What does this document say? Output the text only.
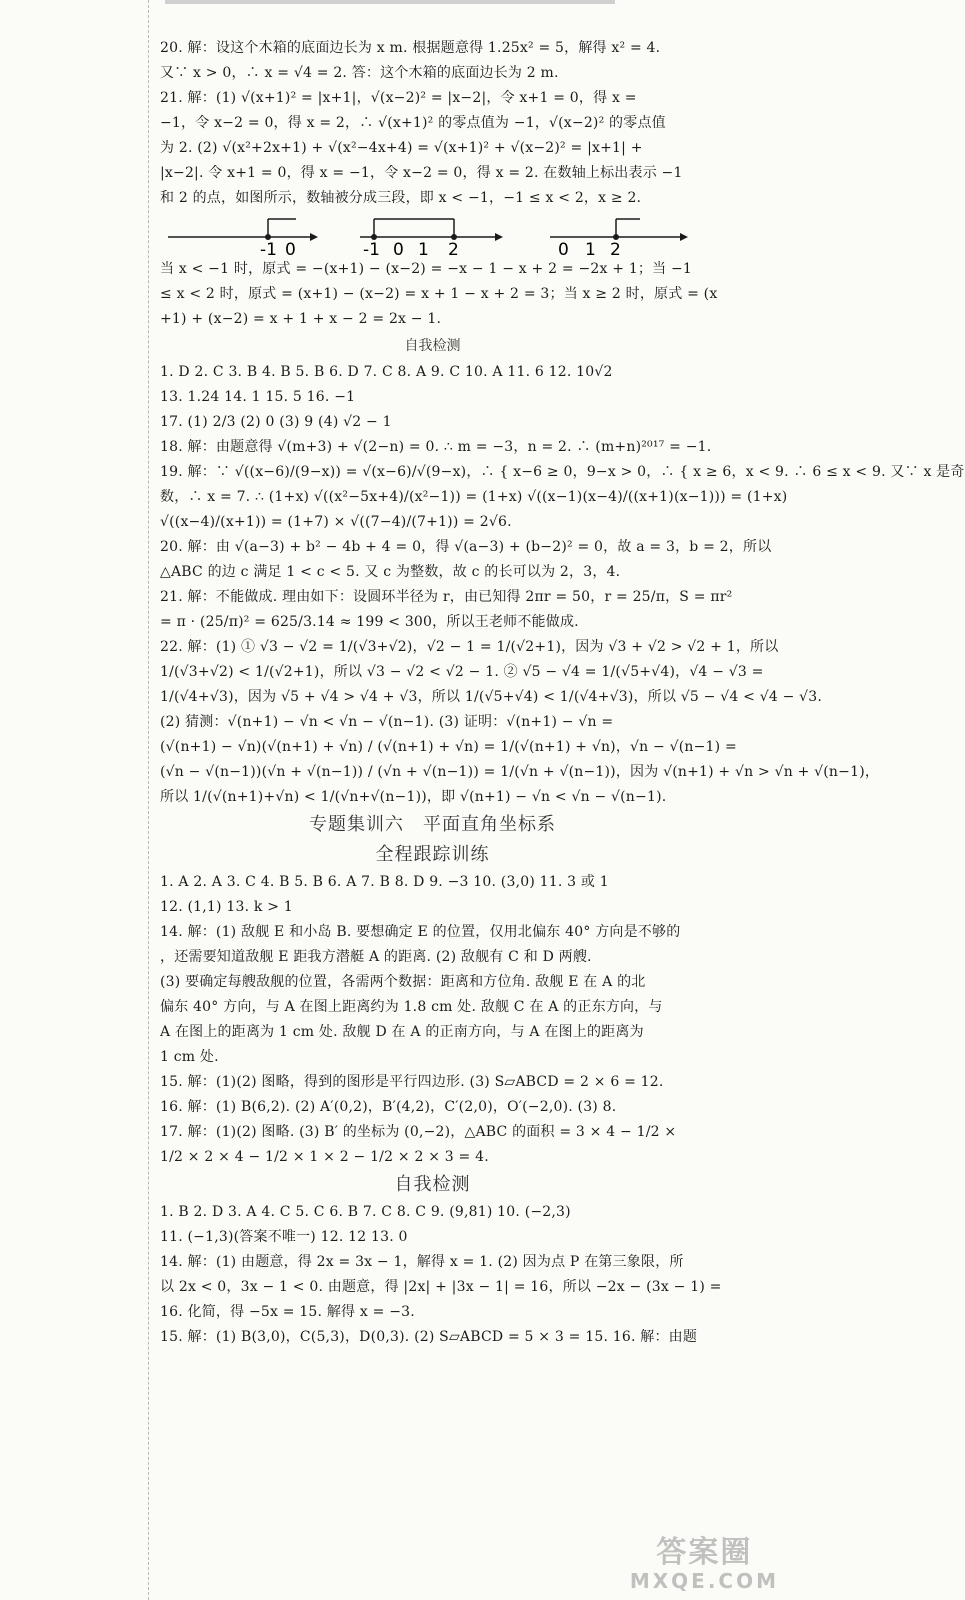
20. 解：设这个木箱的底面边长为 x m. 根据题意得 1.25x² = 5，解得 x² = 4.
又∵ x > 0，∴ x = √4 = 2. 答：这个木箱的底面边长为 2 m.
21. 解：(1) √(x+1)² = |x+1|，√(x−2)² = |x−2|，令 x+1 = 0，得 x =
−1，令 x−2 = 0，得 x = 2，∴ √(x+1)² 的零点值为 −1，√(x−2)² 的零点值
为 2. (2) √(x²+2x+1) + √(x²−4x+4) = √(x+1)² + √(x−2)² = |x+1| +
|x−2|. 令 x+1 = 0，得 x = −1，令 x−2 = 0，得 x = 2. 在数轴上标出表示 −1
和 2 的点，如图所示，数轴被分成三段，即 x < −1，−1 ≤ x < 2，x ≥ 2.
-1 0	-1 0 1 2	0 1 2
当 x < −1 时，原式 = −(x+1) − (x−2) = −x − 1 − x + 2 = −2x + 1；当 −1
≤ x < 2 时，原式 = (x+1) − (x−2) = x + 1 − x + 2 = 3；当 x ≥ 2 时，原式 = (x
+1) + (x−2) = x + 1 + x − 2 = 2x − 1.
自我检测
1. D 2. C 3. B 4. B 5. B 6. D 7. C 8. A 9. C 10. A 11. 6 12. 10√2
13. 1.24 14. 1 15. 5 16. −1
17. (1) 2/3 (2) 0 (3) 9 (4) √2 − 1
18. 解：由题意得 √(m+3) + √(2−n) = 0. ∴ m = −3，n = 2. ∴ (m+n)²⁰¹⁷ = −1.
19. 解：∵ √((x−6)/(9−x)) = √(x−6)/√(9−x)，∴ { x−6 ≥ 0，9−x > 0，∴ { x ≥ 6，x < 9. ∴ 6 ≤ x < 9. 又∵ x 是奇
数，∴ x = 7. ∴ (1+x) √((x²−5x+4)/(x²−1)) = (1+x) √((x−1)(x−4)/((x+1)(x−1))) = (1+x)
√((x−4)/(x+1)) = (1+7) × √((7−4)/(7+1)) = 2√6.
20. 解：由 √(a−3) + b² − 4b + 4 = 0，得 √(a−3) + (b−2)² = 0，故 a = 3，b = 2，所以
△ABC 的边 c 满足 1 < c < 5. 又 c 为整数，故 c 的长可以为 2，3，4.
21. 解：不能做成. 理由如下：设圆环半径为 r，由已知得 2πr = 50，r = 25/π，S = πr²
= π · (25/π)² = 625/3.14 ≈ 199 < 300，所以王老师不能做成.
22. 解：(1) ① √3 − √2 = 1/(√3+√2)，√2 − 1 = 1/(√2+1)，因为 √3 + √2 > √2 + 1，所以
1/(√3+√2) < 1/(√2+1)，所以 √3 − √2 < √2 − 1. ② √5 − √4 = 1/(√5+√4)，√4 − √3 =
1/(√4+√3)，因为 √5 + √4 > √4 + √3，所以 1/(√5+√4) < 1/(√4+√3)，所以 √5 − √4 < √4 − √3.
(2) 猜测：√(n+1) − √n < √n − √(n−1). (3) 证明：√(n+1) − √n =
(√(n+1) − √n)(√(n+1) + √n) / (√(n+1) + √n) = 1/(√(n+1) + √n)，√n − √(n−1) =
(√n − √(n−1))(√n + √(n−1)) / (√n + √(n−1)) = 1/(√n + √(n−1))，因为 √(n+1) + √n > √n + √(n−1)，
所以 1/(√(n+1)+√n) < 1/(√n+√(n−1))，即 √(n+1) − √n < √n − √(n−1).
专题集训六　平面直角坐标系
全程跟踪训练
1. A 2. A 3. C 4. B 5. B 6. A 7. B 8. D 9. −3 10. (3,0) 11. 3 或 1
12. (1,1) 13. k > 1
14. 解：(1) 敌舰 E 和小岛 B. 要想确定 E 的位置，仅用北偏东 40° 方向是不够的
，还需要知道敌舰 E 距我方潜艇 A 的距离. (2) 敌舰有 C 和 D 两艘.
(3) 要确定每艘敌舰的位置，各需两个数据：距离和方位角. 敌舰 E 在 A 的北
偏东 40° 方向，与 A 在图上距离约为 1.8 cm 处. 敌舰 C 在 A 的正东方向，与
A 在图上的距离为 1 cm 处. 敌舰 D 在 A 的正南方向，与 A 在图上的距离为
1 cm 处.
15. 解：(1)(2) 图略，得到的图形是平行四边形. (3) S▱ABCD = 2 × 6 = 12.
16. 解：(1) B(6,2). (2) A′(0,2)，B′(4,2)，C′(2,0)，O′(−2,0). (3) 8.
17. 解：(1)(2) 图略. (3) B′ 的坐标为 (0,−2)，△ABC 的面积 = 3 × 4 − 1/2 ×
1/2 × 2 × 4 − 1/2 × 1 × 2 − 1/2 × 2 × 3 = 4.
自我检测
1. B 2. D 3. A 4. C 5. C 6. B 7. C 8. C 9. (9,81) 10. (−2,3)
11. (−1,3)(答案不唯一) 12. 12 13. 0
14. 解：(1) 由题意，得 2x = 3x − 1，解得 x = 1. (2) 因为点 P 在第三象限，所
以 2x < 0，3x − 1 < 0. 由题意，得 |2x| + |3x − 1| = 16，所以 −2x − (3x − 1) =
16. 化简，得 −5x = 15. 解得 x = −3.
15. 解：(1) B(3,0)，C(5,3)，D(0,3). (2) S▱ABCD = 5 × 3 = 15. 16. 解：由题
答案圈
MXQE.COM
